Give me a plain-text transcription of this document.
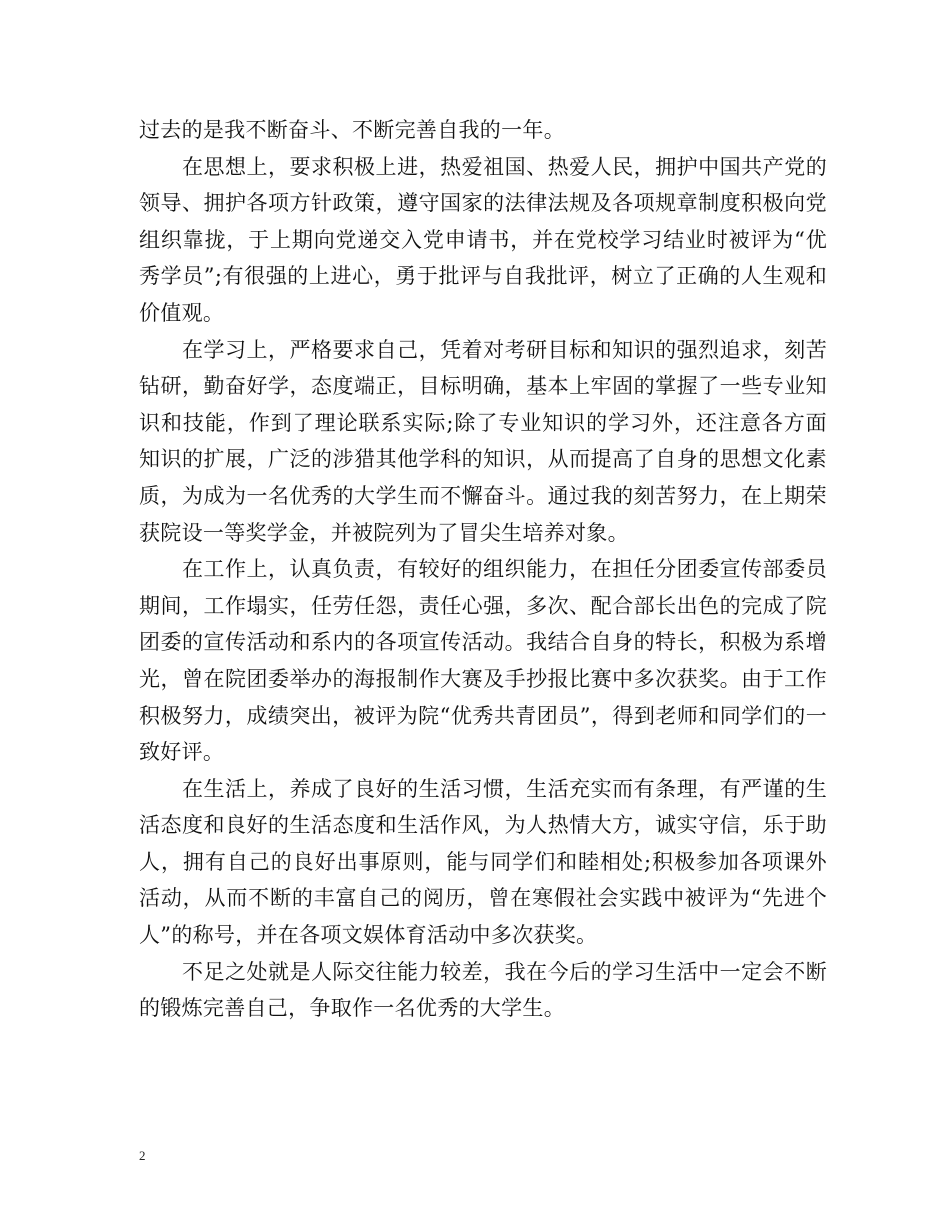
过去的是我不断奋斗、不断完善自我的一年。

在思想上，要求积极上进，热爱祖国、热爱人民，拥护中国共产党的领导、拥护各项方针政策，遵守国家的法律法规及各项规章制度积极向党组织靠拢，于上期向党递交入党申请书，并在党校学习结业时被评为“优秀学员”;有很强的上进心，勇于批评与自我批评，树立了正确的人生观和价值观。

在学习上，严格要求自己，凭着对考研目标和知识的强烈追求，刻苦钻研，勤奋好学，态度端正，目标明确，基本上牢固的掌握了一些专业知识和技能，作到了理论联系实际;除了专业知识的学习外，还注意各方面知识的扩展，广泛的涉猎其他学科的知识，从而提高了自身的思想文化素质，为成为一名优秀的大学生而不懈奋斗。通过我的刻苦努力，在上期荣获院设一等奖学金，并被院列为了冒尖生培养对象。

在工作上，认真负责，有较好的组织能力，在担任分团委宣传部委员期间，工作塌实，任劳任怨，责任心强，多次、配合部长出色的完成了院团委的宣传活动和系内的各项宣传活动。我结合自身的特长，积极为系增光，曾在院团委举办的海报制作大赛及手抄报比赛中多次获奖。由于工作积极努力，成绩突出，被评为院“优秀共青团员”，得到老师和同学们的一致好评。

在生活上，养成了良好的生活习惯，生活充实而有条理，有严谨的生活态度和良好的生活态度和生活作风，为人热情大方，诚实守信，乐于助人，拥有自己的良好出事原则，能与同学们和睦相处;积极参加各项课外活动，从而不断的丰富自己的阅历，曾在寒假社会实践中被评为“先进个人”的称号，并在各项文娱体育活动中多次获奖。

不足之处就是人际交往能力较差，我在今后的学习生活中一定会不断的锻炼完善自己，争取作一名优秀的大学生。

2
